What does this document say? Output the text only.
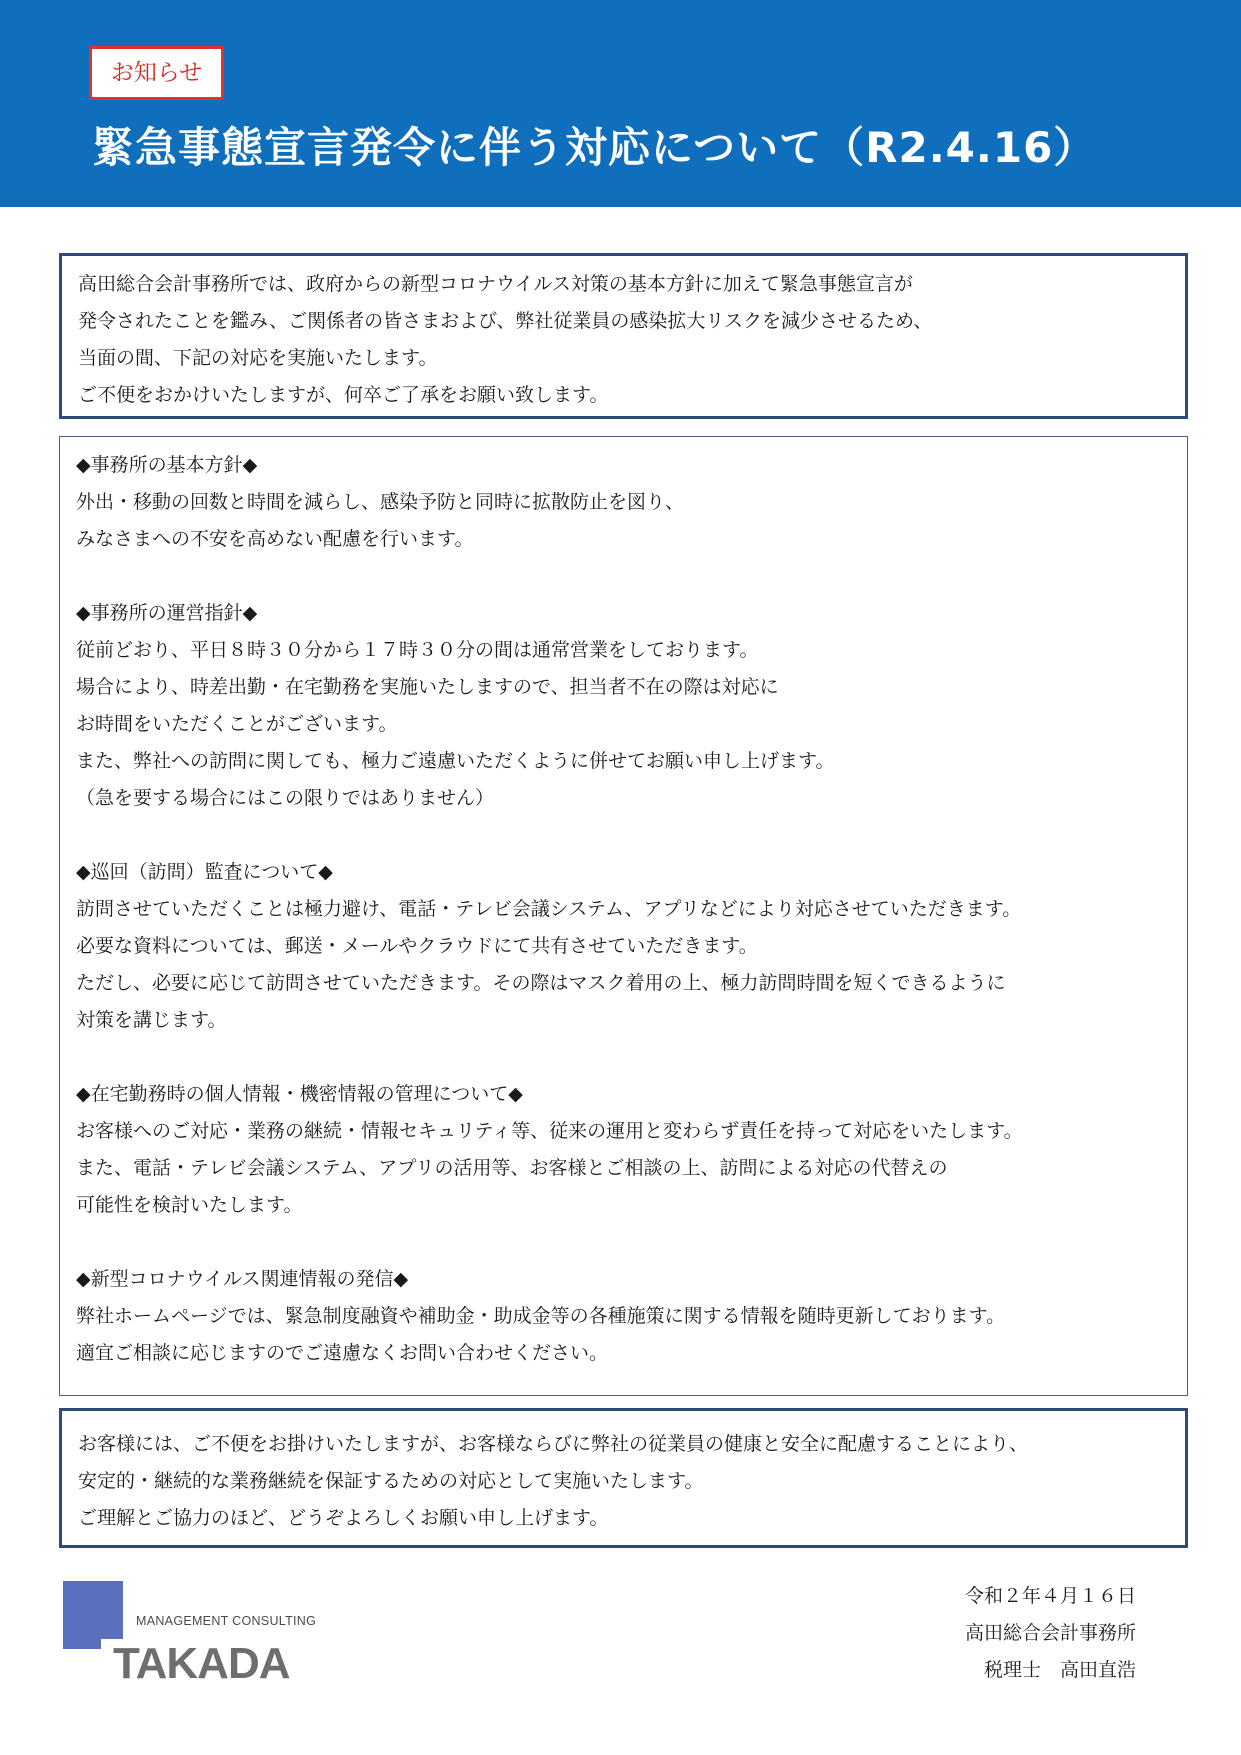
お知らせ
緊急事態宣言発令に伴う対応について（R2.4.16）
高田総合会計事務所では、政府からの新型コロナウイルス対策の基本方針に加えて緊急事態宣言が
発令されたことを鑑み、ご関係者の皆さまおよび、弊社従業員の感染拡大リスクを減少させるため、
当面の間、下記の対応を実施いたします。
ご不便をおかけいたしますが、何卒ご了承をお願い致します。
◆事務所の基本方針◆
外出・移動の回数と時間を減らし、感染予防と同時に拡散防止を図り、
みなさまへの不安を高めない配慮を行います。
◆事務所の運営指針◆
従前どおり、平日８時３０分から１７時３０分の間は通常営業をしております。
場合により、時差出勤・在宅勤務を実施いたしますので、担当者不在の際は対応に
お時間をいただくことがございます。
また、弊社への訪問に関しても、極力ご遠慮いただくように併せてお願い申し上げます。
（急を要する場合にはこの限りではありません）
◆巡回（訪問）監査について◆
訪問させていただくことは極力避け、電話・テレビ会議システム、アプリなどにより対応させていただきます。
必要な資料については、郵送・メールやクラウドにて共有させていただきます。
ただし、必要に応じて訪問させていただきます。その際はマスク着用の上、極力訪問時間を短くできるように
対策を講じます。
◆在宅勤務時の個人情報・機密情報の管理について◆
お客様へのご対応・業務の継続・情報セキュリティ等、従来の運用と変わらず責任を持って対応をいたします。
また、電話・テレビ会議システム、アプリの活用等、お客様とご相談の上、訪問による対応の代替えの
可能性を検討いたします。
◆新型コロナウイルス関連情報の発信◆
弊社ホームページでは、緊急制度融資や補助金・助成金等の各種施策に関する情報を随時更新しております。
適宜ご相談に応じますのでご遠慮なくお問い合わせください。
お客様には、ご不便をお掛けいたしますが、お客様ならびに弊社の従業員の健康と安全に配慮することにより、
安定的・継続的な業務継続を保証するための対応として実施いたします。
ご理解とご協力のほど、どうぞよろしくお願い申し上げます。
MANAGEMENT CONSULTING
TAKADA
令和２年４月１６日
高田総合会計事務所
税理士　高田直浩
